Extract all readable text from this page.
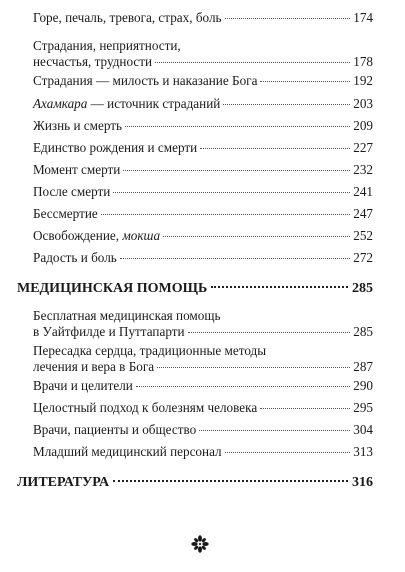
Горе, печаль, тревога, страх, боль	174
Страдания, неприятности,
несчастья, трудности	178
Страдания — милость и наказание Бога	192
Ахамкара — источник страданий	203
Жизнь и смерть	209
Единство рождения и смерти	227
Момент смерти	232
После смерти	241
Бессмертие	247
Освобождение, мокша	252
Радость и боль	272
МЕДИЦИНСКАЯ ПОМОЩЬ	285
Бесплатная медицинская помощь
в Уайтфилде и Путтапарти	285
Пересадка сердца, традиционные методы
лечения и вера в Бога	287
Врачи и целители	290
Целостный подход к болезням человека	295
Врачи, пациенты и общество	304
Младший медицинский персонал	313
ЛИТЕРАТУРА	316
